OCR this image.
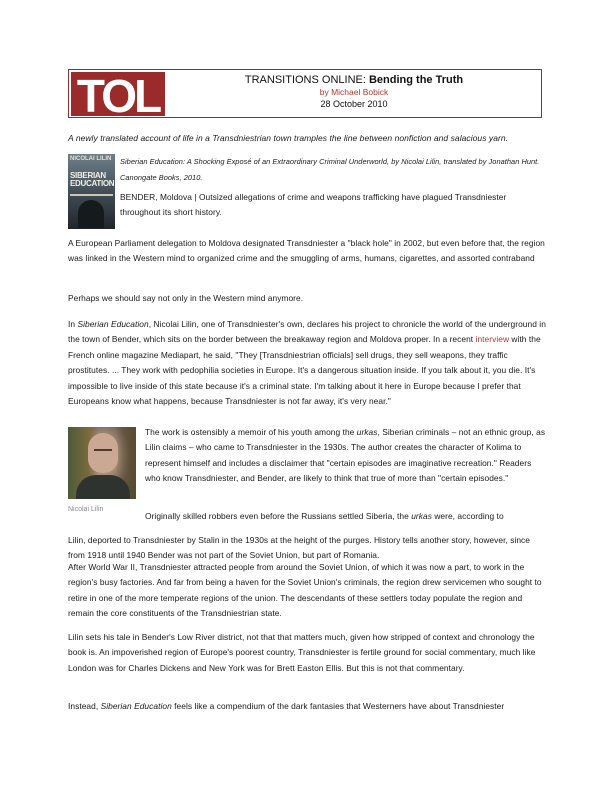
TOL	TRANSITIONS ONLINE: Bending the Truth
by Michael Bobick
28 October 2010

A newly translated account of life in a Transdniestrian town tramples the line between nonfiction and salacious yarn.

NICOLAI LILIN
SIBERIAN EDUCATION

Siberian Education: A Shocking Exposé of an Extraordinary Criminal Underworld, by Nicolai Lilin, translated by Jonathan Hunt. Canongate Books, 2010.

BENDER, Moldova | Outsized allegations of crime and weapons trafficking have plagued Transdniester throughout its short history.

A European Parliament delegation to Moldova designated Transdniester a "black hole" in 2002, but even before that, the region was linked in the Western mind to organized crime and the smuggling of arms, humans, cigarettes, and assorted contraband

Perhaps we should say not only in the Western mind anymore.

In Siberian Education, Nicolai Lilin, one of Transdniester's own, declares his project to chronicle the world of the underground in the town of Bender, which sits on the border between the breakaway region and Moldova proper. In a recent interview with the French online magazine Mediapart, he said, "They [Transdniestrian officials] sell drugs, they sell weapons, they traffic prostitutes. ... They work with pedophilia societies in Europe. It's a dangerous situation inside. If you talk about it, you die. It's impossible to live inside of this state because it's a criminal state. I'm talking about it here in Europe because I prefer that Europeans know what happens, because Transdniester is not far away, it's very near."

Nicolai Lilin

The work is ostensibly a memoir of his youth among the urkas, Siberian criminals – not an ethnic group, as Lilin claims – who came to Transdniester in the 1930s. The author creates the character of Kolima to represent himself and includes a disclaimer that "certain episodes are imaginative recreation." Readers who know Transdniester, and Bender, are likely to think that true of more than "certain episodes."

Originally skilled robbers even before the Russians settled Siberia, the urkas were, according to

Lilin, deported to Transdniester by Stalin in the 1930s at the height of the purges. History tells another story, however, since from 1918 until 1940 Bender was not part of the Soviet Union, but part of Romania.

After World War II, Transdniester attracted people from around the Soviet Union, of which it was now a part, to work in the region's busy factories. And far from being a haven for the Soviet Union's criminals, the region drew servicemen who sought to retire in one of the more temperate regions of the union. The descendants of these settlers today populate the region and remain the core constituents of the Transdniestrian state.

Lilin sets his tale in Bender's Low River district, not that that matters much, given how stripped of context and chronology the book is. An impoverished region of Europe's poorest country, Transdniester is fertile ground for social commentary, much like London was for Charles Dickens and New York was for Brett Easton Ellis. But this is not that commentary.

Instead, Siberian Education feels like a compendium of the dark fantasies that Westerners have about Transdniester
